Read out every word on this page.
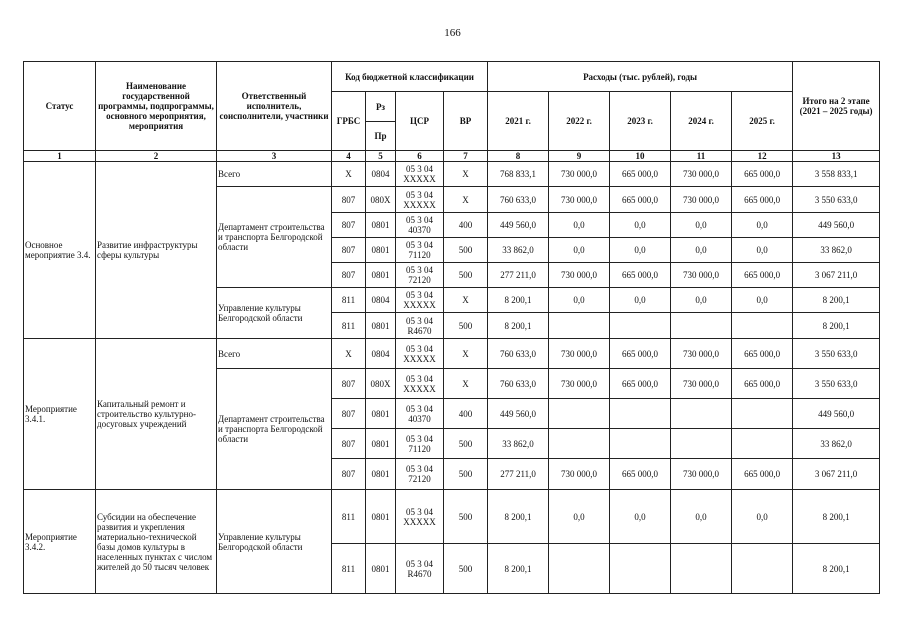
166
Статус	Наименование государственной программы, подпрограммы, основного мероприятия, мероприятия	Ответственный исполнитель, соисполнители, участники	Код бюджетной классификации				Расходы (тыс. рублей), годы					Итого на 2 этапе (2021 – 2025 годы)
			ГРБС	Рз	ЦСР	ВР	2021 г.	2022 г.	2023 г.	2024 г.	2025 г.	
				Пр								
1	2	3	4	5	6	7	8	9	10	11	12	13
Основное мероприятие 3.4.	Развитие инфраструктуры сферы культуры	Всего	X	0804	05 3 04 XXXXX	X	768 833,1	730 000,0	665 000,0	730 000,0	665 000,0	3 558 833,1
		Департамент строительства и транспорта Белгородской области	807	080X	05 3 04 XXXXX	X	760 633,0	730 000,0	665 000,0	730 000,0	665 000,0	3 550 633,0
			807	0801	05 3 04 40370	400	449 560,0	0,0	0,0	0,0	0,0	449 560,0
			807	0801	05 3 04 71120	500	33 862,0	0,0	0,0	0,0	0,0	33 862,0
			807	0801	05 3 04 72120	500	277 211,0	730 000,0	665 000,0	730 000,0	665 000,0	3 067 211,0
		Управление культуры Белгородской области	811	0804	05 3 04 XXXXX	X	8 200,1	0,0	0,0	0,0	0,0	8 200,1
			811	0801	05 3 04 R4670	500	8 200,1					8 200,1
Мероприятие 3.4.1.	Капитальный ремонт и строительство культурно-досуговых учреждений	Всего	X	0804	05 3 04 XXXXX	X	760 633,0	730 000,0	665 000,0	730 000,0	665 000,0	3 550 633,0
		Департамент строительства и транспорта Белгородской области	807	080X	05 3 04 XXXXX	X	760 633,0	730 000,0	665 000,0	730 000,0	665 000,0	3 550 633,0
			807	0801	05 3 04 40370	400	449 560,0					449 560,0
			807	0801	05 3 04 71120	500	33 862,0					33 862,0
			807	0801	05 3 04 72120	500	277 211,0	730 000,0	665 000,0	730 000,0	665 000,0	3 067 211,0
Мероприятие 3.4.2.	Субсидии на обеспечение развития и укрепления материально-технической базы домов культуры в населенных пунктах с числом жителей до 50 тысяч человек	Управление культуры Белгородской области	811	0801	05 3 04 XXXXX	500	8 200,1	0,0	0,0	0,0	0,0	8 200,1
			811	0801	05 3 04 R4670	500	8 200,1					8 200,1
